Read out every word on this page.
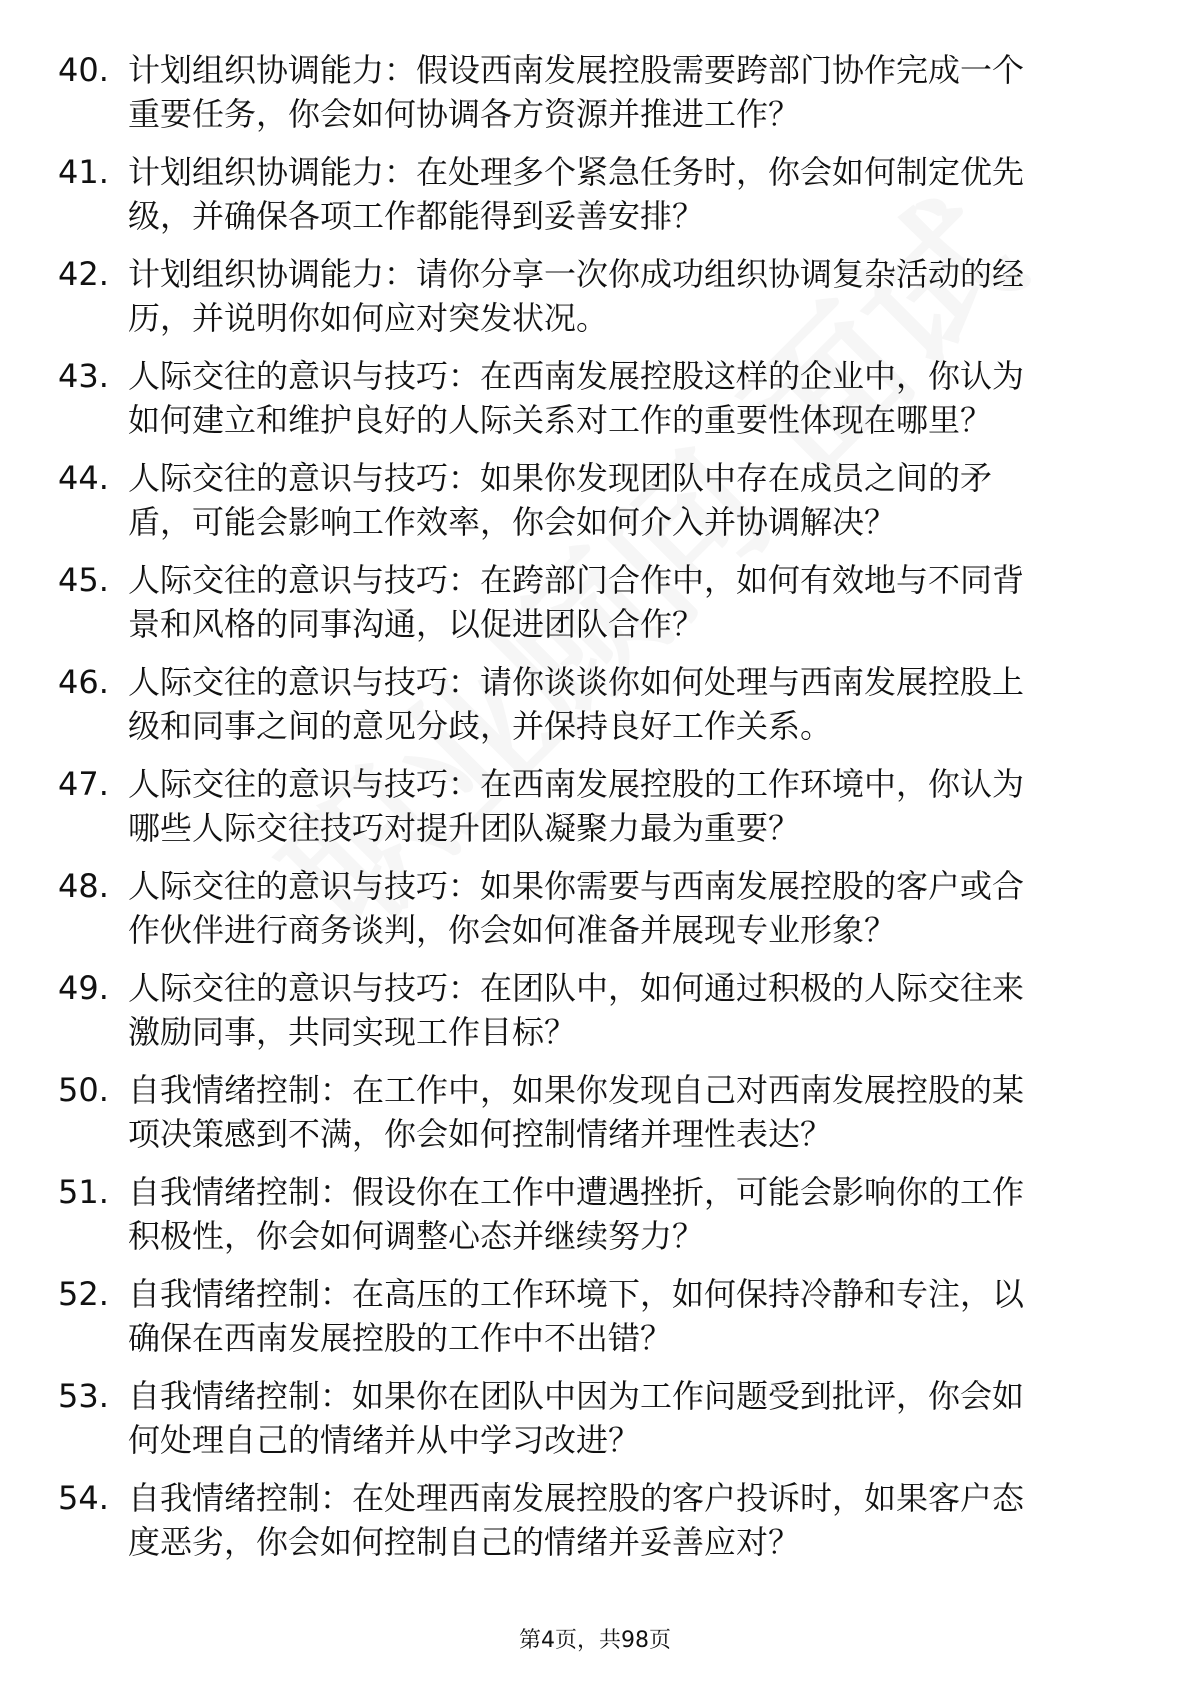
40. 计划组织协调能力：假设西南发展控股需要跨部门协作完成一个
重要任务，你会如何协调各方资源并推进工作？
41. 计划组织协调能力：在处理多个紧急任务时，你会如何制定优先
级，并确保各项工作都能得到妥善安排？
42. 计划组织协调能力：请你分享一次你成功组织协调复杂活动的经
历，并说明你如何应对突发状况。
43. 人际交往的意识与技巧：在西南发展控股这样的企业中，你认为
如何建立和维护良好的人际关系对工作的重要性体现在哪里？
44. 人际交往的意识与技巧：如果你发现团队中存在成员之间的矛
盾，可能会影响工作效率，你会如何介入并协调解决？
45. 人际交往的意识与技巧：在跨部门合作中，如何有效地与不同背
景和风格的同事沟通，以促进团队合作？
46. 人际交往的意识与技巧：请你谈谈你如何处理与西南发展控股上
级和同事之间的意见分歧，并保持良好工作关系。
47. 人际交往的意识与技巧：在西南发展控股的工作环境中，你认为
哪些人际交往技巧对提升团队凝聚力最为重要？
48. 人际交往的意识与技巧：如果你需要与西南发展控股的客户或合
作伙伴进行商务谈判，你会如何准备并展现专业形象？
49. 人际交往的意识与技巧：在团队中，如何通过积极的人际交往来
激励同事，共同实现工作目标？
50. 自我情绪控制：在工作中，如果你发现自己对西南发展控股的某
项决策感到不满，你会如何控制情绪并理性表达？
51. 自我情绪控制：假设你在工作中遭遇挫折，可能会影响你的工作
积极性，你会如何调整心态并继续努力？
52. 自我情绪控制：在高压的工作环境下，如何保持冷静和专注，以
确保在西南发展控股的工作中不出错？
53. 自我情绪控制：如果你在团队中因为工作问题受到批评，你会如
何处理自己的情绪并从中学习改进？
54. 自我情绪控制：在处理西南发展控股的客户投诉时，如果客户态
度恶劣，你会如何控制自己的情绪并妥善应对？
第4页，共98页
